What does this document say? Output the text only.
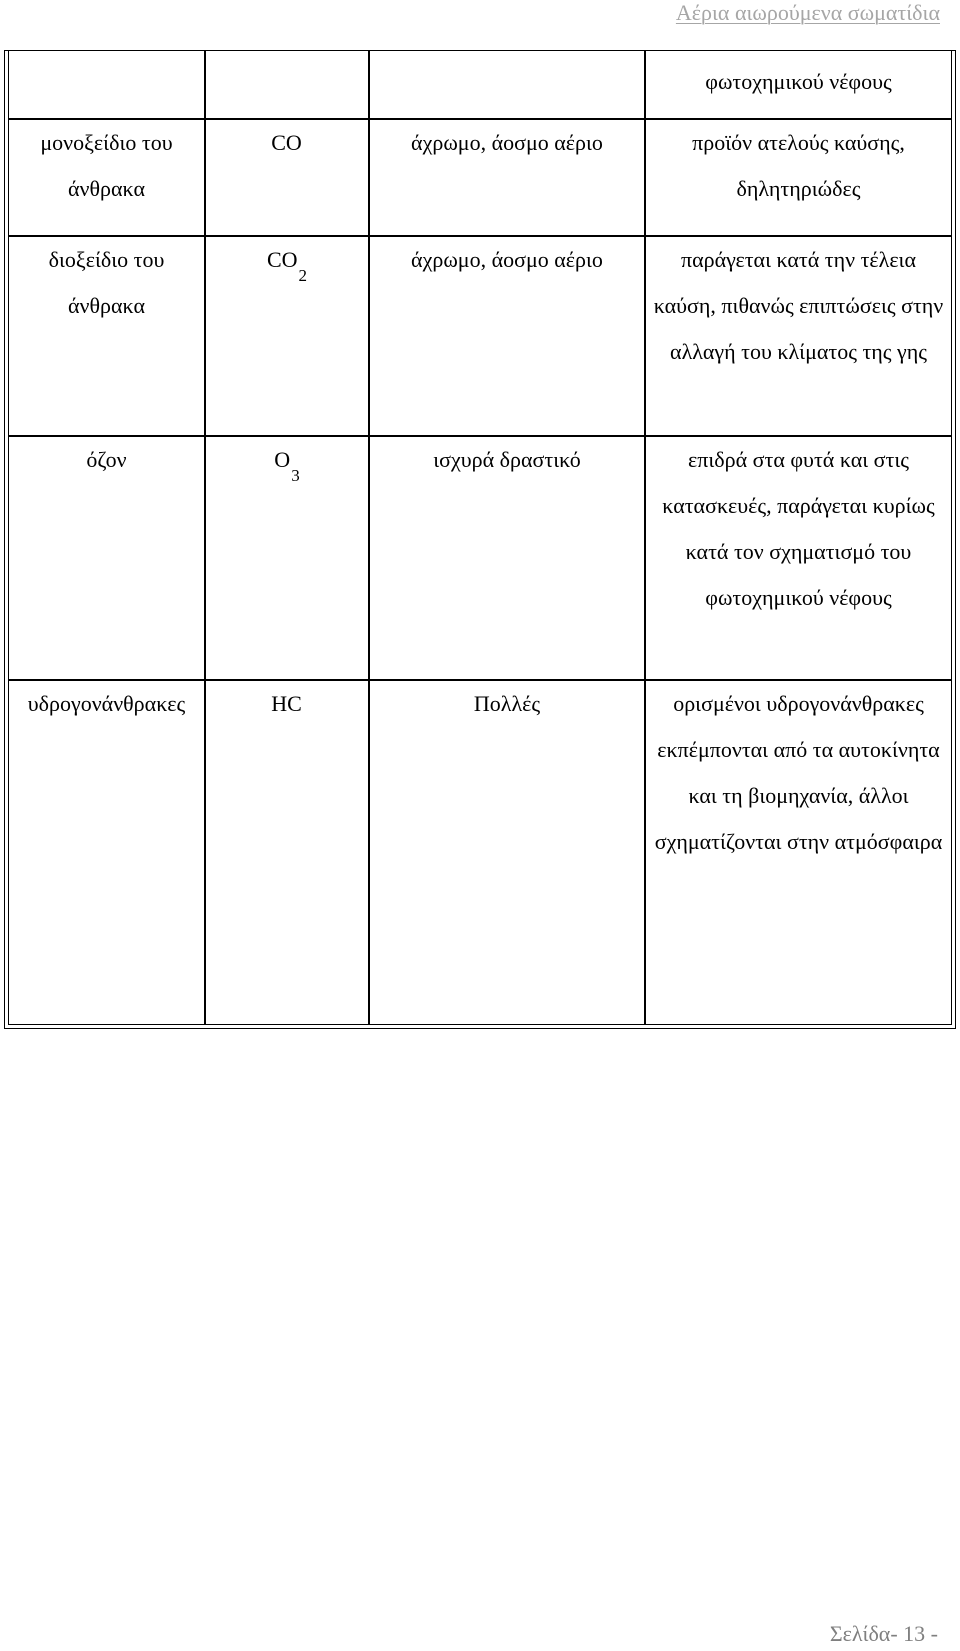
Αέρια αιωρούμενα σωματίδια
			φωτοχημικού νέφους
μονοξείδιο του άνθρακα	CO	άχρωμο, άοσμο αέριο	προϊόν ατελούς καύσης, δηλητηριώδες
διοξείδιο του άνθρακα	$CO_2$	άχρωμο, άοσμο αέριο	παράγεται κατά την τέλεια καύση, πιθανώς επιπτώσεις στην αλλαγή του κλίματος της γης
όζον	$O_3$	ισχυρά δραστικό	επιδρά στα φυτά και στις κατασκευές, παράγεται κυρίως κατά τον σχηματισμό του φωτοχημικού νέφους
υδρογονάνθρακες	HC	Πολλές	ορισμένοι υδρογονάνθρακες εκπέμπονται από τα αυτοκίνητα και τη βιομηχανία, άλλοι σχηματίζονται στην ατμόσφαιρα
Σελίδα- 13 -
